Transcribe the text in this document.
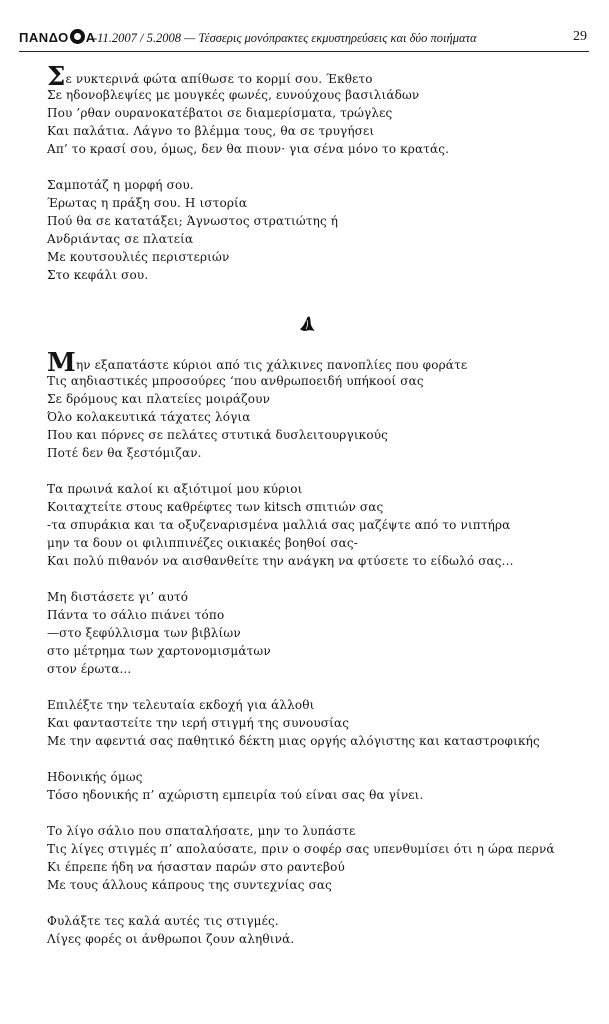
ΠΑΝΔΟ Α
-11.2007 / 5.2008 — Τέσσερις μονόπρακτες εκμυστηρεύσεις και δύο ποιήματα	29
Σε νυκτερινά φώτα απίθωσε το κορμί σου. Έκθετο
Σε ηδονοβλεψίες με μουγκές φωνές, ευνούχους βασιλιάδων
Που ’ρθαν ουρανοκατέβατοι σε διαμερίσματα, τρώγλες
Και παλάτια. Λάγνο το βλέμμα τους, θα σε τρυγήσει
Απ’ το κρασί σου, όμως, δεν θα πιουν· για σένα μόνο το κρατάς.
Σαμποτάζ η μορφή σου.
Έρωτας η πράξη σου. Η ιστορία
Πού θα σε κατατάξει; Άγνωστος στρατιώτης ή
Ανδριάντας σε πλατεία
Με κουτσουλιές περιστεριών
Στο κεφάλι σου.
Μην εξαπατάστε κύριοι από τις χάλκινες πανοπλίες που φοράτε
Τις αηδιαστικές μπροσούρες ‘που ανθρωποειδή υπήκοοί σας
Σε δρόμους και πλατείες μοιράζουν
Όλο κολακευτικά τάχατες λόγια
Που και πόρνες σε πελάτες στυτικά δυσλειτουργικούς
Ποτέ δεν θα ξεστόμιζαν.
Τα πρωινά καλοί κι αξιότιμοί μου κύριοι
Κοιταχτείτε στους καθρέφτες των kitsch σπιτιών σας
-τα σπυράκια και τα οξυζεναρισμένα μαλλιά σας μαζέψτε από το νιπτήρα
μην τα δουν οι φιλιππινέζες οικιακές βοηθοί σας-
Και πολύ πιθανόν να αισθανθείτε την ανάγκη να φτύσετε το είδωλό σας...
Μη διστάσετε γι’ αυτό
Πάντα το σάλιο πιάνει τόπο
—στο ξεφύλλισμα των βιβλίων
στο μέτρημα των χαρτονομισμάτων
στον έρωτα...
Επιλέξτε την τελευταία εκδοχή για άλλοθι
Και φανταστείτε την ιερή στιγμή της συνουσίας
Με την αφεντιά σας παθητικό δέκτη μιας οργής αλόγιστης και καταστροφικής
Ηδονικής όμως
Τόσο ηδονικής π’ αχώριστη εμπειρία τού είναι σας θα γίνει.
Το λίγο σάλιο που σπαταλήσατε, μην το λυπάστε
Τις λίγες στιγμές π’ απολαύσατε, πριν ο σοφέρ σας υπενθυμίσει ότι η ώρα περνά
Κι έπρεπε ήδη να ήσασταν παρών στο ραντεβού
Με τους άλλους κάπρους της συντεχνίας σας
Φυλάξτε τες καλά αυτές τις στιγμές.
Λίγες φορές οι άνθρωποι ζουν αληθινά.
